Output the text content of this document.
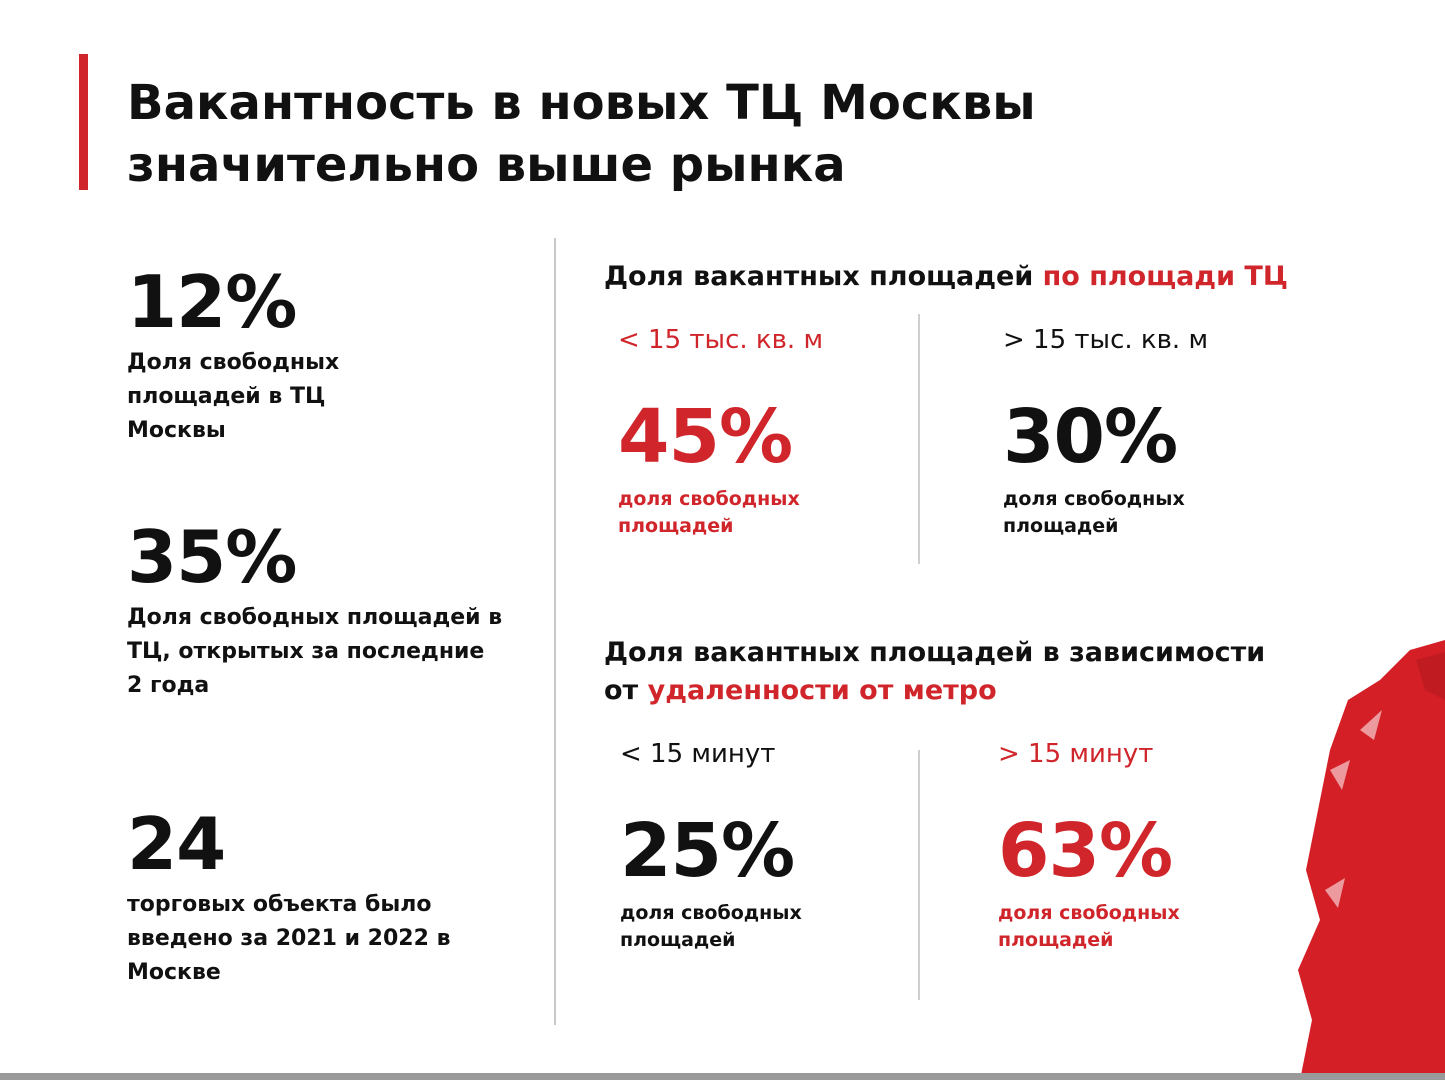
Вакантность в новых ТЦ Москвы
значительно выше рынка
12%
Доля свободных
площадей в ТЦ
Москвы
35%
Доля свободных площадей в
ТЦ, открытых за последние
2 года
24
торговых объекта было
введено за 2021 и 2022 в Москве
Доля вакантных площадей по площади ТЦ
< 15 тыс. кв. м
45%
доля свободных
площадей
> 15 тыс. кв. м
30%
доля свободных
площадей
Доля вакантных площадей в зависимости
от удаленности от метро
< 15 минут
25%
доля свободных
площадей
> 15 минут
63%
доля свободных
площадей
